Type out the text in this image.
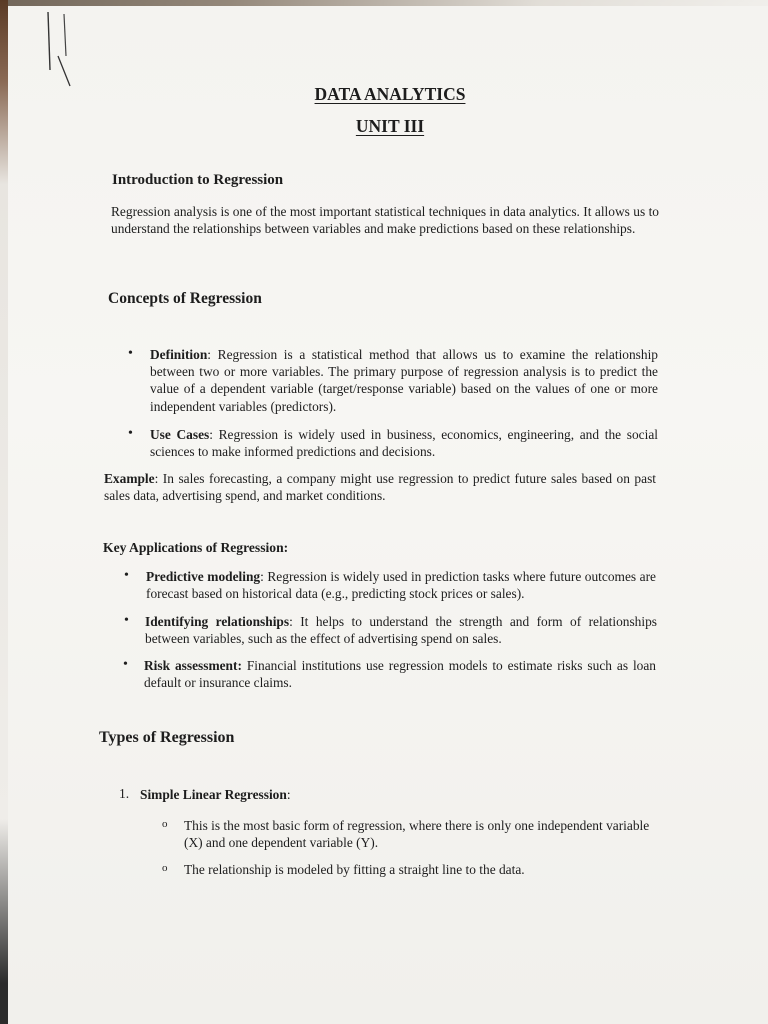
DATA ANALYTICS
UNIT III
Introduction to Regression
Regression analysis is one of the most important statistical techniques in data analytics. It allows us to understand the relationships between variables and make predictions based on these relationships.
Concepts of Regression
• Definition: Regression is a statistical method that allows us to examine the relationship between two or more variables. The primary purpose of regression analysis is to predict the value of a dependent variable (target/response variable) based on the values of one or more independent variables (predictors).
• Use Cases: Regression is widely used in business, economics, engineering, and the social sciences to make informed predictions and decisions.
Example: In sales forecasting, a company might use regression to predict future sales based on past sales data, advertising spend, and market conditions.
Key Applications of Regression:
• Predictive modeling: Regression is widely used in prediction tasks where future outcomes are forecast based on historical data (e.g., predicting stock prices or sales).
• Identifying relationships: It helps to understand the strength and form of relationships between variables, such as the effect of advertising spend on sales.
• Risk assessment: Financial institutions use regression models to estimate risks such as loan default or insurance claims.
Types of Regression
1. Simple Linear Regression:
o This is the most basic form of regression, where there is only one independent variable (X) and one dependent variable (Y).
o The relationship is modeled by fitting a straight line to the data.
